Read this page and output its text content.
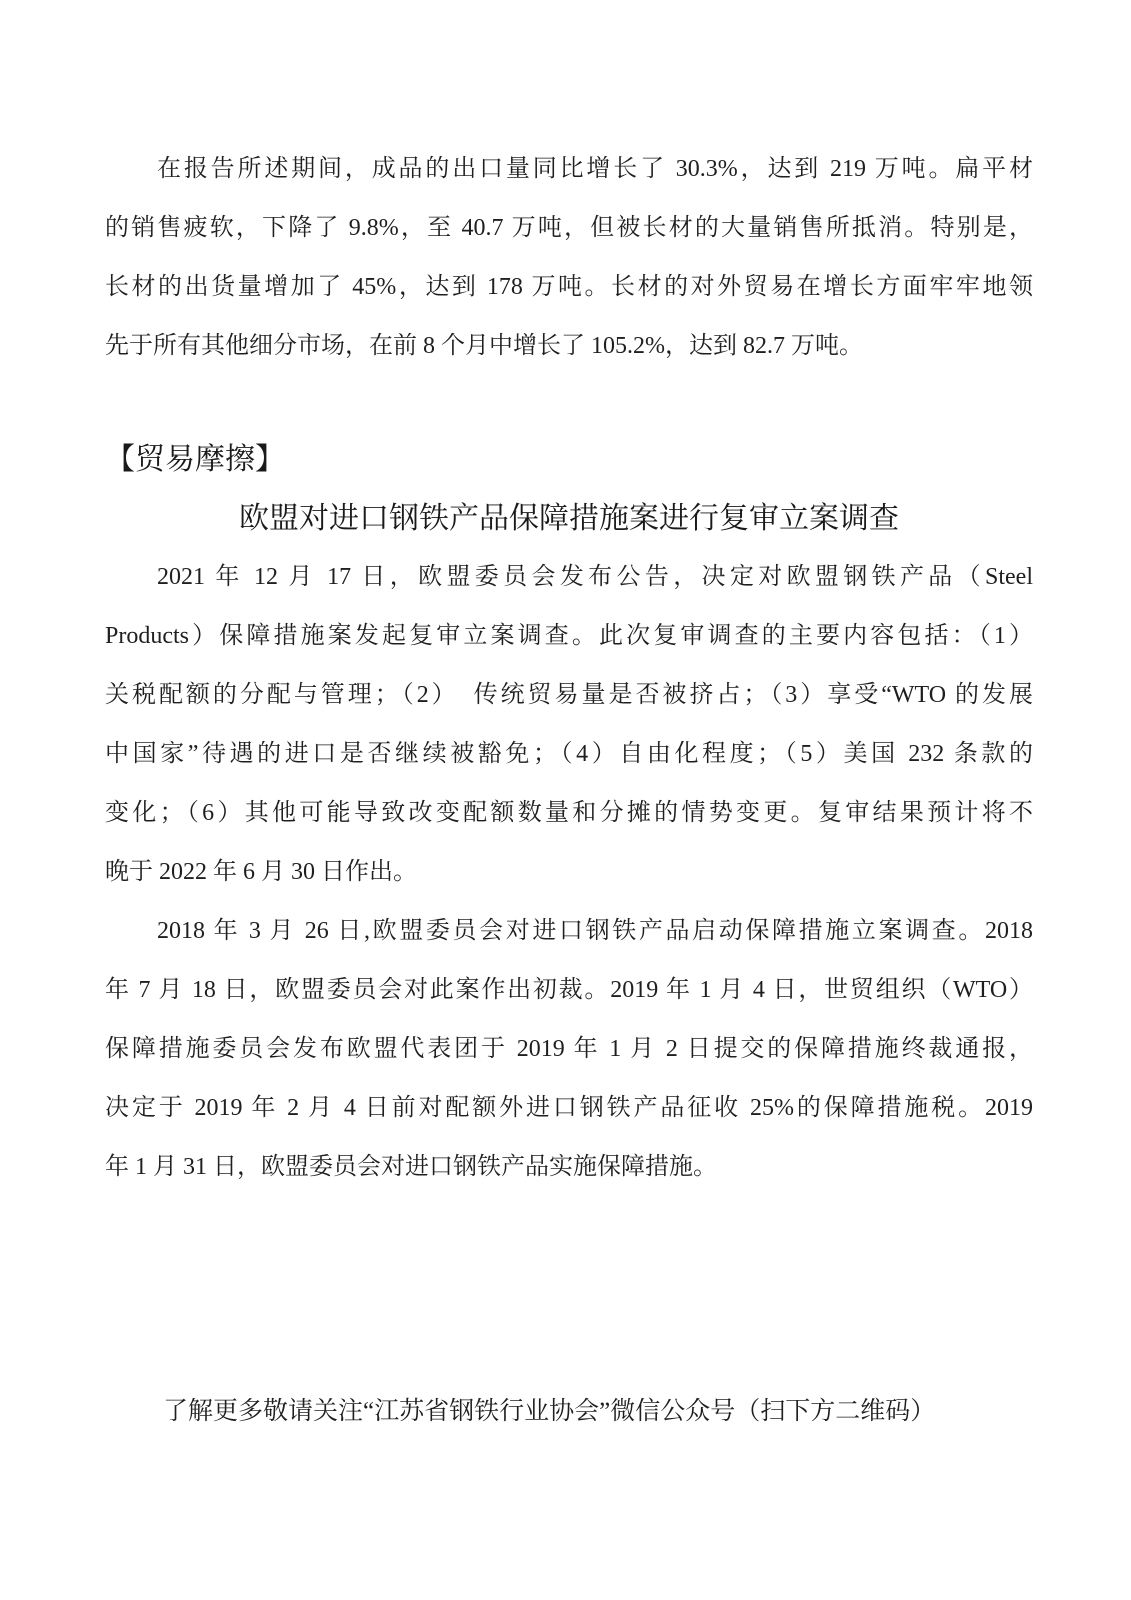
在报告所述期间，成品的出口量同比增长了 30.3%，达到 219 万吨。扁平材
的销售疲软，下降了 9.8%，至 40.7 万吨，但被长材的大量销售所抵消。特别是，
长材的出货量增加了 45%，达到 178 万吨。长材的对外贸易在增长方面牢牢地领
先于所有其他细分市场，在前 8 个月中增长了 105.2%，达到 82.7 万吨。
【贸易摩擦】
欧盟对进口钢铁产品保障措施案进行复审立案调查
2021 年 12 月 17 日，欧盟委员会发布公告，决定对欧盟钢铁产品（Steel
Products）保障措施案发起复审立案调查。此次复审调查的主要内容包括：（1）
关税配额的分配与管理；（2）　传统贸易量是否被挤占；（3）享受“WTO 的发展
中国家”待遇的进口是否继续被豁免；（4）自由化程度；（5）美国 232 条款的
变化；（6）其他可能导致改变配额数量和分摊的情势变更。复审结果预计将不
晚于 2022 年 6 月 30 日作出。
2018 年 3 月 26 日,欧盟委员会对进口钢铁产品启动保障措施立案调查。2018
年 7 月 18 日，欧盟委员会对此案作出初裁。2019 年 1 月 4 日，世贸组织（WTO）
保障措施委员会发布欧盟代表团于 2019 年 1 月 2 日提交的保障措施终裁通报，
决定于 2019 年 2 月 4 日前对配额外进口钢铁产品征收 25%的保障措施税。2019
年 1 月 31 日，欧盟委员会对进口钢铁产品实施保障措施。
了解更多敬请关注“江苏省钢铁行业协会”微信公众号（扫下方二维码）
